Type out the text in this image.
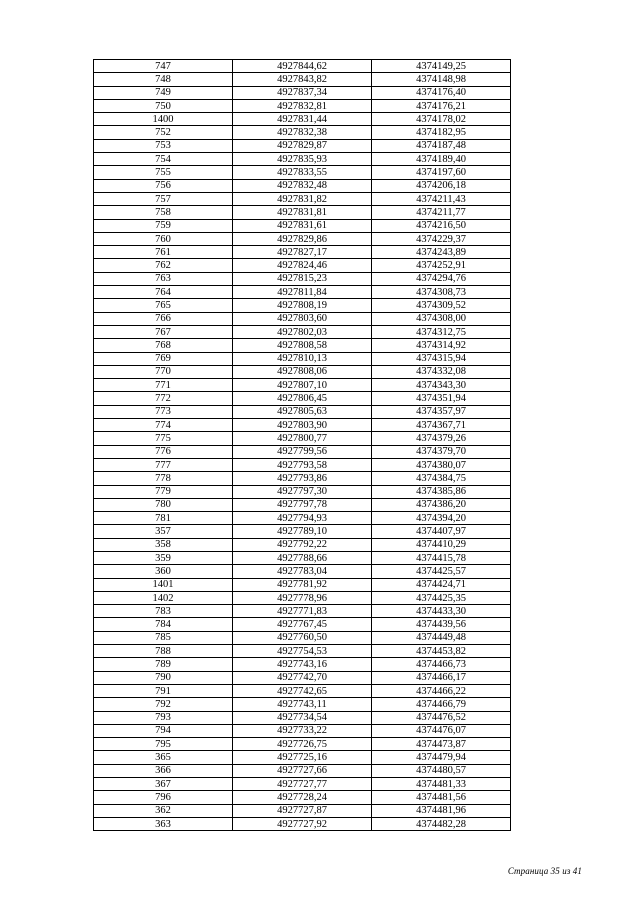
747	4927844,62	4374149,25
748	4927843,82	4374148,98
749	4927837,34	4374176,40
750	4927832,81	4374176,21
1400	4927831,44	4374178,02
752	4927832,38	4374182,95
753	4927829,87	4374187,48
754	4927835,93	4374189,40
755	4927833,55	4374197,60
756	4927832,48	4374206,18
757	4927831,82	4374211,43
758	4927831,81	4374211,77
759	4927831,61	4374216,50
760	4927829,86	4374229,37
761	4927827,17	4374243,89
762	4927824,46	4374252,91
763	4927815,23	4374294,76
764	4927811,84	4374308,73
765	4927808,19	4374309,52
766	4927803,60	4374308,00
767	4927802,03	4374312,75
768	4927808,58	4374314,92
769	4927810,13	4374315,94
770	4927808,06	4374332,08
771	4927807,10	4374343,30
772	4927806,45	4374351,94
773	4927805,63	4374357,97
774	4927803,90	4374367,71
775	4927800,77	4374379,26
776	4927799,56	4374379,70
777	4927793,58	4374380,07
778	4927793,86	4374384,75
779	4927797,30	4374385,86
780	4927797,78	4374386,20
781	4927794,93	4374394,20
357	4927789,10	4374407,97
358	4927792,22	4374410,29
359	4927788,66	4374415,78
360	4927783,04	4374425,57
1401	4927781,92	4374424,71
1402	4927778,96	4374425,35
783	4927771,83	4374433,30
784	4927767,45	4374439,56
785	4927760,50	4374449,48
788	4927754,53	4374453,82
789	4927743,16	4374466,73
790	4927742,70	4374466,17
791	4927742,65	4374466,22
792	4927743,11	4374466,79
793	4927734,54	4374476,52
794	4927733,22	4374476,07
795	4927726,75	4374473,87
365	4927725,16	4374479,94
366	4927727,66	4374480,57
367	4927727,77	4374481,33
796	4927728,24	4374481,56
362	4927727,87	4374481,96
363	4927727,92	4374482,28
Страница 35 из 41
